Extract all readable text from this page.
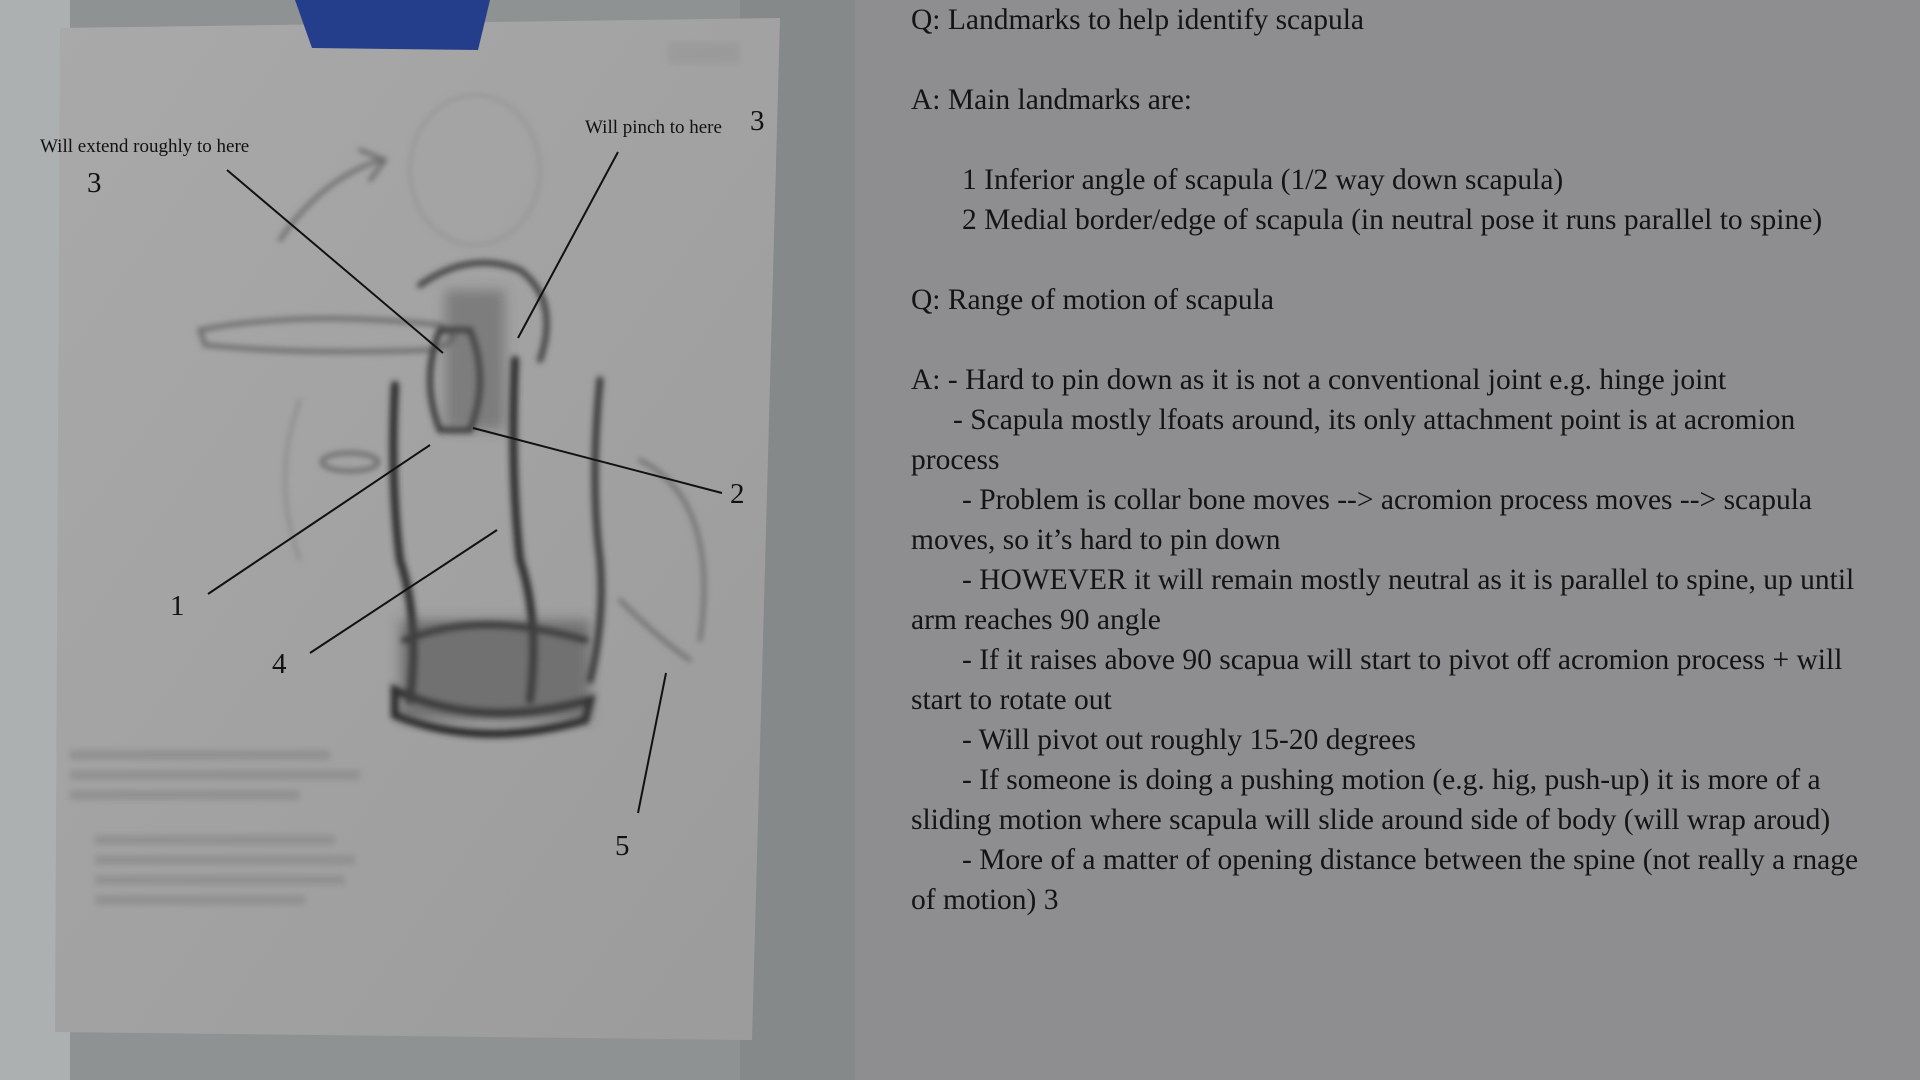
Will extend roughly to here
3
Will pinch to here 3
2
1
4
5

Q: Landmarks to help identify scapula

A: Main landmarks are:

1 Inferior angle of scapula (1/2 way down scapula)

2 Medial border/edge of scapula (in neutral pose it runs parallel to spine)

Q: Range of motion of scapula

A: - Hard to pin down as it is not a conventional joint e.g. hinge joint

- Scapula mostly lfoats around, its only attachment point is at acromion process

- Problem is collar bone moves --> acromion process moves --> scapula moves, so it’s hard to pin down

- HOWEVER it will remain mostly neutral as it is parallel to spine, up until arm reaches 90 angle

- If it raises above 90 scapua will start to pivot off acromion process + will start to rotate out

- Will pivot out roughly 15-20 degrees

- If someone is doing a pushing motion (e.g. hig, push-up) it is more of a sliding motion where scapula will slide around side of body (will wrap aroud)

- More of a matter of opening distance between the spine (not really a rnage of motion) 3
